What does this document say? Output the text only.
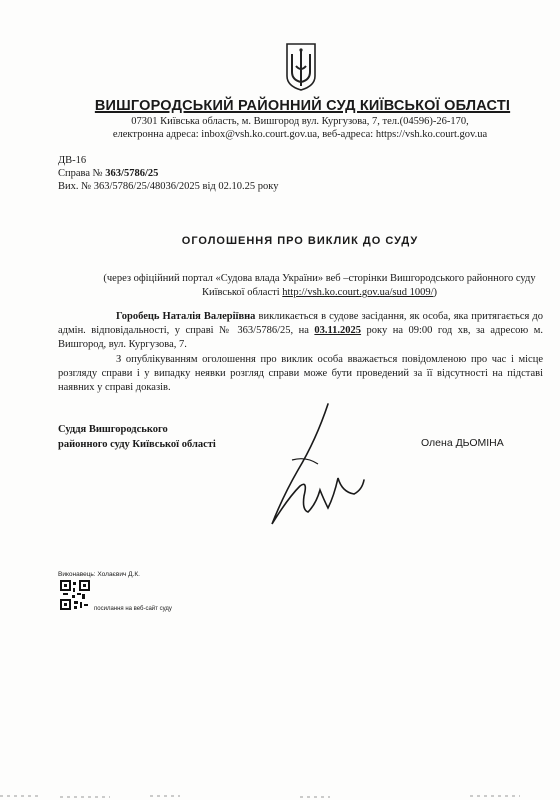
ВИШГОРОДСЬКИЙ РАЙОННИЙ СУД КИЇВСЬКОЇ ОБЛАСТІ
07301 Київська область, м. Вишгород вул. Кургузова, 7, тел.(04596)-26-170,
електронна адреса: inbox@vsh.ko.court.gov.ua, веб-адреса: https://vsh.ko.court.gov.ua
ДВ-16
Справа № 363/5786/25
Вих. № 363/5786/25/48036/2025 від 02.10.25 року
ОГОЛОШЕННЯ ПРО ВИКЛИК ДО СУДУ
(через офіційний портал «Судова влада України» веб –сторінки Вишгородського районного суду Київської області http://vsh.ko.court.gov.ua/sud 1009/)
Горобець Наталія Валеріївна викликається в судове засідання, як особа, яка притягається до адмін. відповідальності, у справі № 363/5786/25, на 03.11.2025 року на 09:00 год хв, за адресою м. Вишгород, вул. Кургузова, 7.
З опублікуванням оголошення про виклик особа вважається повідомленою про час і місце розгляду справи і у випадку неявки розгляд справи може бути проведений за її відсутності на підставі наявних у справі доказів.
Суддя Вишгородського
районного суду Київської області	Олена ДЬОМІНА
Виконавець: Холаєвич Д.К.
посилання на веб-сайт суду
